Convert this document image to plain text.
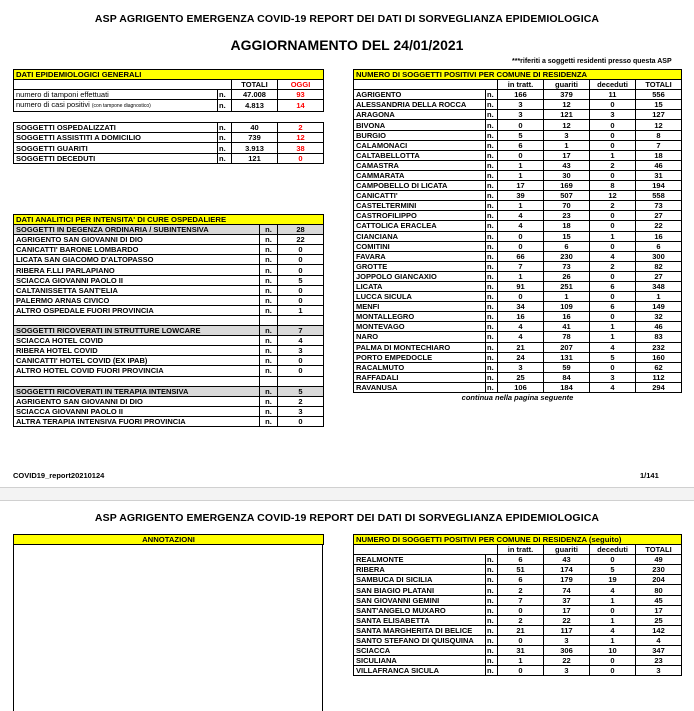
ASP AGRIGENTO EMERGENZA COVID-19 REPORT DEI DATI DI SORVEGLIANZA EPIDEMIOLOGICA
AGGIORNAMENTO DEL 24/01/2021
***riferiti a soggetti residenti presso questa ASP
DATI EPIDEMIOLOGICI GENERALI			
		TOTALI	OGGI
numero di tamponi effettuati	n.	47.008	93
numero di casi positivi (con tampone diagnostico)	n.	4.813	14

SOGGETTI OSPEDALIZZATI	n.	40	2
SOGGETTI ASSISTITI A DOMICILIO	n.	739	12
SOGGETTI GUARITI	n.	3.913	38
SOGGETTI DECEDUTI	n.	121	0
DATI ANALITICI PER INTENSITA' DI CURE OSPEDALIERE		
SOGGETTI IN DEGENZA ORDINARIA / SUBINTENSIVA	n.	28
AGRIGENTO SAN GIOVANNI DI DIO	n.	22
CANICATTI' BARONE LOMBARDO	n.	0
LICATA SAN GIACOMO D'ALTOPASSO	n.	0
RIBERA F.LLI PARLAPIANO	n.	0
SCIACCA GIOVANNI PAOLO II	n.	5
CALTANISSETTA SANT'ELIA	n.	0
PALERMO ARNAS CIVICO	n.	0
ALTRO OSPEDALE FUORI PROVINCIA	n.	1

SOGGETTI RICOVERATI IN STRUTTURE LOWCARE	n.	7
SCIACCA HOTEL COVID	n.	4
RIBERA HOTEL COVID	n.	3
CANICATTI' HOTEL COVID (EX IPAB)	n.	0
ALTRO HOTEL COVID FUORI PROVINCIA	n.	0

SOGGETTI RICOVERATI IN TERAPIA INTENSIVA	n.	5
AGRIGENTO SAN GIOVANNI DI DIO	n.	2
SCIACCA GIOVANNI PAOLO II	n.	3
ALTRA TERAPIA INTENSIVA FUORI PROVINCIA	n.	0
NUMERO DI SOGGETTI POSITIVI PER COMUNE DI RESIDENZA					
		in tratt.	guariti	deceduti	TOTALI
AGRIGENTO	n.	166	379	11	556
ALESSANDRIA DELLA ROCCA	n.	3	12	0	15
ARAGONA	n.	3	121	3	127
BIVONA	n.	0	12	0	12
BURGIO	n.	5	3	0	8
CALAMONACI	n.	6	1	0	7
CALTABELLOTTA	n.	0	17	1	18
CAMASTRA	n.	1	43	2	46
CAMMARATA	n.	1	30	0	31
CAMPOBELLO DI LICATA	n.	17	169	8	194
CANICATTI'	n.	39	507	12	558
CASTELTERMINI	n.	1	70	2	73
CASTROFILIPPO	n.	4	23	0	27
CATTOLICA ERACLEA	n.	4	18	0	22
CIANCIANA	n.	0	15	1	16
COMITINI	n.	0	6	0	6
FAVARA	n.	66	230	4	300
GROTTE	n.	7	73	2	82
JOPPOLO GIANCAXIO	n.	1	26	0	27
LICATA	n.	91	251	6	348
LUCCA SICULA	n.	0	1	0	1
MENFI	n.	34	109	6	149
MONTALLEGRO	n.	16	16	0	32
MONTEVAGO	n.	4	41	1	46
NARO	n.	4	78	1	83
PALMA DI MONTECHIARO	n.	21	207	4	232
PORTO EMPEDOCLE	n.	24	131	5	160
RACALMUTO	n.	3	59	0	62
RAFFADALI	n.	25	84	3	112
RAVANUSA	n.	106	184	4	294
continua nella pagina seguente					
COVID19_report20210124	1/141
ASP AGRIGENTO EMERGENZA COVID-19 REPORT DEI DATI DI SORVEGLIANZA EPIDEMIOLOGICA
ANNOTAZIONI	NUMERO DI SOGGETTI POSITIVI PER COMUNE DI RESIDENZA (seguito)					
		in tratt.	guariti	deceduti	TOTALI
REALMONTE	n.	6	43	0	49
RIBERA	n.	51	174	5	230
SAMBUCA DI SICILIA	n.	6	179	19	204
SAN BIAGIO PLATANI	n.	2	74	4	80
SAN GIOVANNI GEMINI	n.	7	37	1	45
SANT'ANGELO MUXARO	n.	0	17	0	17
SANTA ELISABETTA	n.	2	22	1	25
SANTA MARGHERITA DI BELICE	n.	21	117	4	142
SANTO STEFANO DI QUISQUINA	n.	0	3	1	4
SCIACCA	n.	31	306	10	347
SICULIANA	n.	1	22	0	23
VILLAFRANCA SICULA	n.	0	3	0	3
